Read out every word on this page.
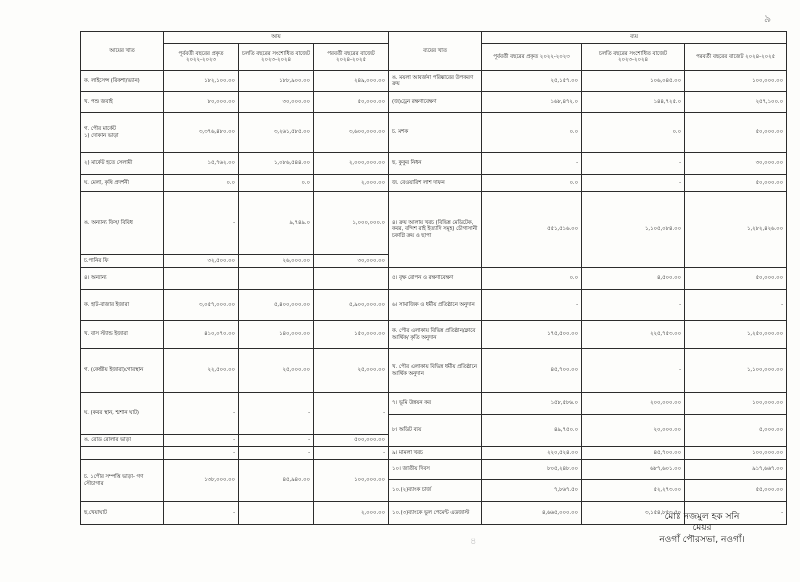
৯
আয়ের খাত	আয়			ব্যয়ের খাত	ব্যয়		
	পূর্ববর্তী বছরের প্রকৃত ২০২২-২০২৩	চলতি বছরের সংশোধিত বাজেট ২০২৩-২০২৪	পরবর্তী বছরের বাজেট ২০২৪-২০২৫		পূর্ববর্তী বছরের প্রকৃত ২০২২-২০২৩	চলতি বছরের সংশোধিত বাজেট ২০২৩-২০২৪	পরবর্তী বছরের বাজেট ২০২৪-২০২৫
ক. লাইসেন্স (রিকশা/ভ্যান)	১৮২,১০০.০০	১৮৮,৯০০.০০	২৪৯,০০০.০০	ঙ. ময়লা আবর্জনা পরিষ্কারের উপকরণ ক্রয়	২৫,১৫৭.০০	১০৬,০৪৫.০০	১০০,০০০.০০
খ. পশু জবাই	৮০,০০০.০০	৩০,০০০.০০	৫০,০০০.০০	(জ)ড্রেন রক্ষণাবেক্ষণ	১৬৮,৪৭২.০	১৪৪,৭২৫.০	২৫৭,১০০.০
গ. পৌর মার্কেট
১) দোকান ভাড়া	৩,৩৭৬,৪৮০.০০	৩,২৬১,৫৮৫.০০	৩,৬০০,০০০.০০	চ. মশক	০.০	০.০	৫০,০০০.০০
২) মার্কেট হতে সেলামী	১৫,৭৬২.০০	১,০৮৬,৫৪৪.০০	২,০০০,০০০.০০	ছ. কুকুর নিধন	-	-	৩০,০০০.০০
ঘ. মেলা, কৃষি প্রদর্শনী	০.০	০.০	২,০০০.০০	জ. বেওয়ারিশ লাশ দাফন	০.০	-	৫০,০০০.০০
ঙ. অন্যান্য ফিস/ বিবিধ	-	৯,৭৪৯.০	১,০০০,০০০.০	৪। ক্রয় আলায় খরচ (বিভিন্ন মেডিটেক, কবর, বন্দিশ রাই ইত্যাদি সমূহ) চৌগাসানী চকাগ্নি ক্রয় ও ছাপা	৫৫১,৫১৬.০০	১,১০৫,০৮৪.০০	১,২৮২,৪২৬.০০
চ.পানির ফি	৩২,৫০০.০০	২৬,০০০.০০	৩০,০০০.০০				
৪। অন্যান্য				৫। বৃক্ষ রোপন ও রক্ষণাবেক্ষণ	০.০	৪,৫০০.০০	৫০,০০০.০০
ক. হাট-বাজার ইজারা	৩,০৫৭,০০০.০০	৫,৪০০,০০০.০০	৫,৯০০,০০০.০০	৬। সামাজিক ও ধর্মীয় প্রতিষ্ঠানে অনুদান	-	-	-
খ. বাস স্ট্যান্ড ইজারা	৪১০,০৭০.০০	১৪০,০০০.০০	১৫০,০০০.০০	ক. পৌর এলাকায় বিভিন্ন প্রতিষ্ঠান/ক্লাবে আর্থিক/ কৃতি অনুদান	১৭৫,৫০০.০০	২২৫,৭৫৩.০০	১,২৫০,০০০.০০
গ. (কেন্দ্রীয় ইজারা)গোরস্থান	২২,৫০০.০০	২৫,০০০.০০	২৫,০০০.০০	খ. পৌর এলাকায় বিভিন্ন ধর্মীয় প্রতিষ্ঠানে আর্থিক অনুদান	৪৫,৭০০.০০	-	১,১০০,০০০.০০
ঘ. (কবর স্থান, শ্মশান ঘাট)	-	-	-	৭। ভূমি উন্নয়ন কর	১৫৮,৫৮৬.০	২০০,০০০.০০	১০০,০০০.০০
				৮। অডিট ব্যয়	৪৯,৭৫০.০	২০,০০০.০০	৫,০০০.০০
ঙ. রোড রোলার ভাড়া	-	-	৫০০,০০০.০০				
	-	-	-	৯। মামলা খরচ	২২০,৫২৪.০০	৪৫,৭০০.০০	১০০,০০০.০০
চ. ১পৌর সম্পত্তি ভাড়া- গণ সৌচাগার	১৩৮,০০০.০০	৪৫,৯৪০.০০	১০০,০০০.০০	১০। জাতীয় দিবস	৮০৫,২৪৮.০০	৬৮৭,৬০১.০০	৯১৭,৬৬৭.০০
				১০.(২)ব্যাংক চার্জ	৭,৮৬৭.৫০	৫২,২৭৩.০০	৫৫,০০০.০০
ছ.খেয়াঘাট	-		২,০০০.০০	১০.(৩)ব্যাংকে ভুল পেমেন্ট এডজাস্ট	৪,৬৬৫,০০০.০০	৩,১৫৪,৮৫৩.৫০	-
৪
মোঃ নজমুল হক সনি
মেয়র
নওগাঁ পৌরসভা, নওগাঁ।
